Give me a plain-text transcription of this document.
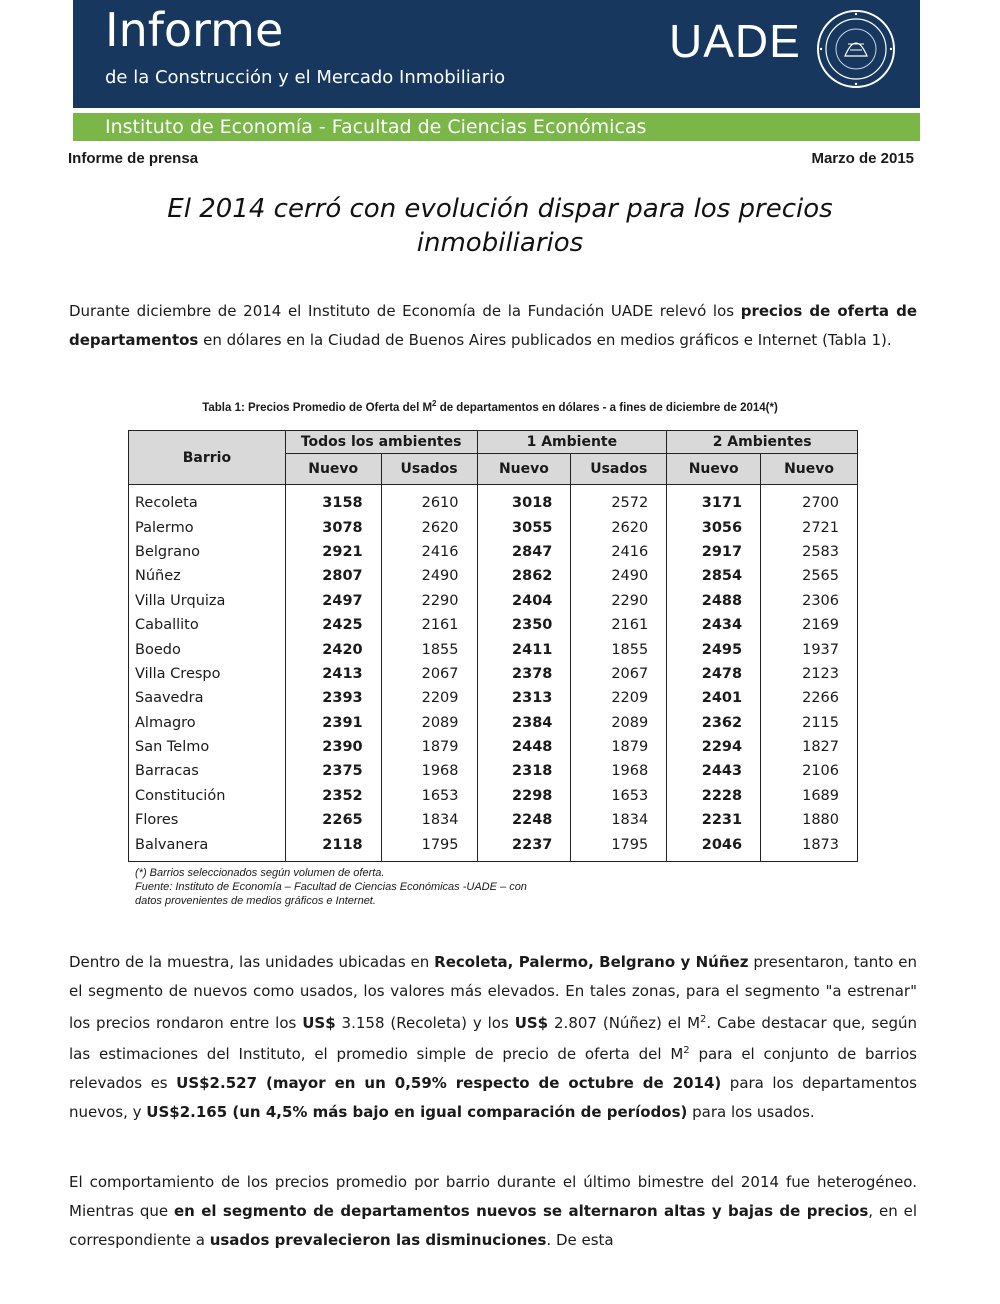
Informe
de la Construcción y el Mercado Inmobiliario
UADE
Instituto de Economía - Facultad de Ciencias Económicas
Informe de prensa	Marzo de 2015
El 2014 cerró con evolución dispar para los precios inmobiliarios
Durante diciembre de 2014 el Instituto de Economía de la Fundación UADE relevó los precios de oferta de departamentos en dólares en la Ciudad de Buenos Aires publicados en medios gráficos e Internet (Tabla 1).
Tabla 1: Precios Promedio de Oferta del $M^2$ de departamentos en dólares - a fines de diciembre de 2014(*)
Barrio	Todos los ambientes		1 Ambiente		2 Ambientes	
	Nuevo	Usados	Nuevo	Usados	Nuevo	Nuevo
Recoleta	3158	2610	3018	2572	3171	2700
Palermo	3078	2620	3055	2620	3056	2721
Belgrano	2921	2416	2847	2416	2917	2583
Núñez	2807	2490	2862	2490	2854	2565
Villa Urquiza	2497	2290	2404	2290	2488	2306
Caballito	2425	2161	2350	2161	2434	2169
Boedo	2420	1855	2411	1855	2495	1937
Villa Crespo	2413	2067	2378	2067	2478	2123
Saavedra	2393	2209	2313	2209	2401	2266
Almagro	2391	2089	2384	2089	2362	2115
San Telmo	2390	1879	2448	1879	2294	1827
Barracas	2375	1968	2318	1968	2443	2106
Constitución	2352	1653	2298	1653	2228	1689
Flores	2265	1834	2248	1834	2231	1880
Balvanera	2118	1795	2237	1795	2046	1873
(*) Barrios seleccionados según volumen de oferta.
Fuente: Instituto de Economía – Facultad de Ciencias Económicas -UADE – con
datos provenientes de medios gráficos e Internet.
Dentro de la muestra, las unidades ubicadas en Recoleta, Palermo, Belgrano y Núñez presentaron, tanto en el segmento de nuevos como usados, los valores más elevados. En tales zonas, para el segmento "a estrenar" los precios rondaron entre los US$ 3.158 (Recoleta) y los US$ 2.807 (Núñez) el $M^2$. Cabe destacar que, según las estimaciones del Instituto, el promedio simple de precio de oferta del $M^2$ para el conjunto de barrios relevados es US$2.527 (mayor en un 0,59% respecto de octubre de 2014) para los departamentos nuevos, y US$2.165 (un 4,5% más bajo en igual comparación de períodos) para los usados.
El comportamiento de los precios promedio por barrio durante el último bimestre del 2014 fue heterogéneo. Mientras que en el segmento de departamentos nuevos se alternaron altas y bajas de precios, en el correspondiente a usados prevalecieron las disminuciones. De esta
